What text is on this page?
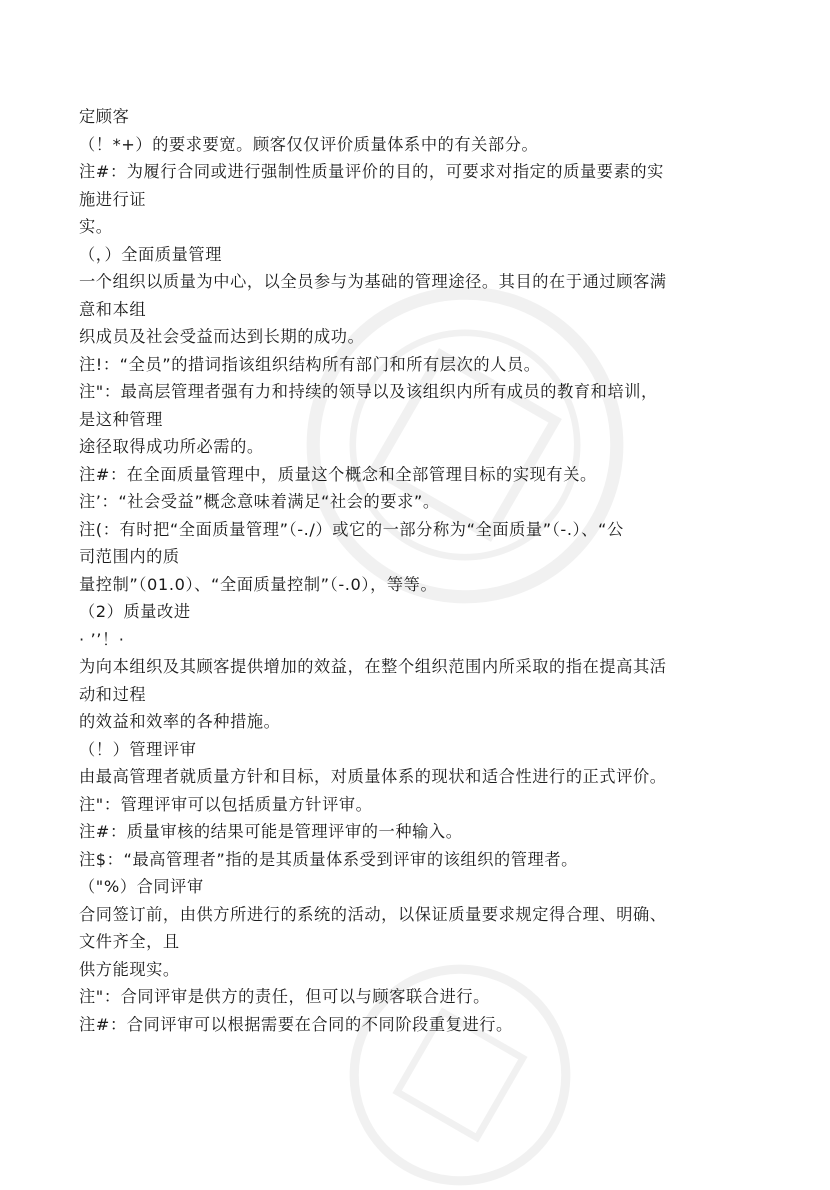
定顾客
（！*+）的要求要宽。顾客仅仅评价质量体系中的有关部分。
注#：为履行合同或进行强制性质量评价的目的，可要求对指定的质量要素的实
施进行证
实。
（，）全面质量管理
一个组织以质量为中心，以全员参与为基础的管理途径。其目的在于通过顾客满
意和本组
织成员及社会受益而达到长期的成功。
注!：“全员”的措词指该组织结构所有部门和所有层次的人员。
注"：最高层管理者强有力和持续的领导以及该组织内所有成员的教育和培训，
是这种管理
途径取得成功所必需的。
注#：在全面质量管理中，质量这个概念和全部管理目标的实现有关。
注’：“社会受益”概念意味着满足“社会的要求”。
注(：有时把“全面质量管理”（-./）或它的一部分称为“全面质量”（-.）、“公
司范围内的质
量控制”（01.0）、“全面质量控制”（-.0），等等。
（2）质量改进
· ’’！·
为向本组织及其顾客提供增加的效益，在整个组织范围内所采取的指在提高其活
动和过程
的效益和效率的各种措施。
（！）管理评审
由最高管理者就质量方针和目标，对质量体系的现状和适合性进行的正式评价。
注"：管理评审可以包括质量方针评审。
注#：质量审核的结果可能是管理评审的一种输入。
注$：“最高管理者”指的是其质量体系受到评审的该组织的管理者。
（"%）合同评审
合同签订前，由供方所进行的系统的活动，以保证质量要求规定得合理、明确、
文件齐全，且
供方能现实。
注"：合同评审是供方的责任，但可以与顾客联合进行。
注#：合同评审可以根据需要在合同的不同阶段重复进行。
